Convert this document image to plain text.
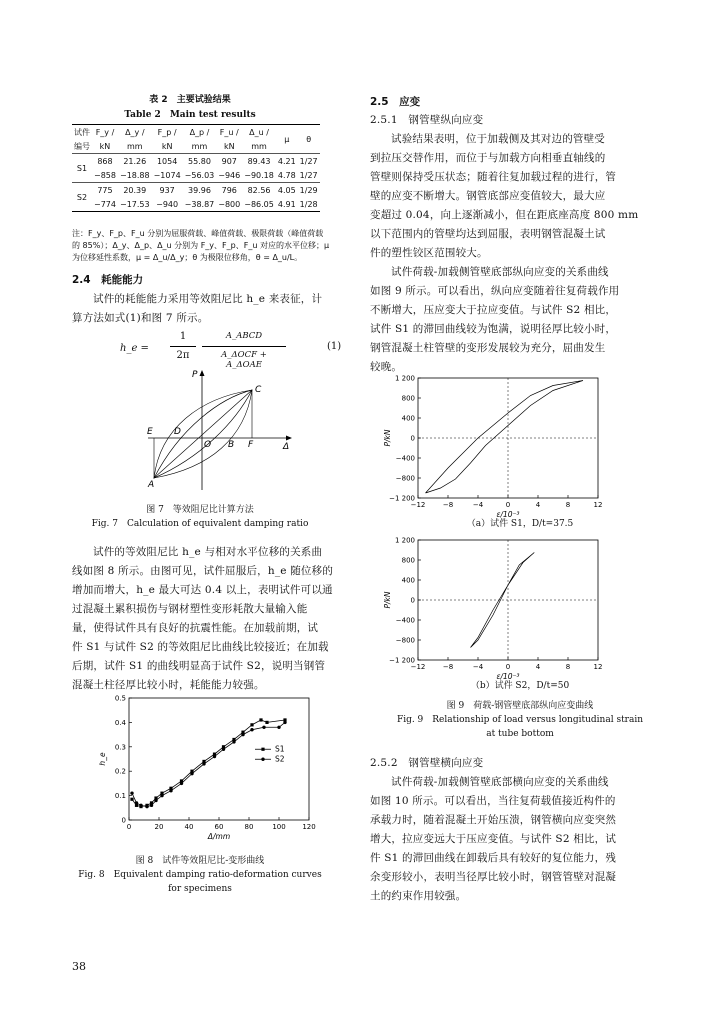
表 2　主要试验结果
Table 2　Main test results
试件	F_y /	Δ_y /	F_p /	Δ_p /	F_u /	Δ_u /	μ	θ
编号	kN	mm	kN	mm	kN	mm		
S1	868	21.26	1054	55.80	907	89.43	4.21	1/27
	−858	−18.88	−1074	−56.03	−946	−90.18	4.78	1/27
S2	775	20.39	937	39.96	796	82.56	4.05	1/29
	−774	−17.53	−940	−38.87	−800	−86.05	4.91	1/28
注：F_y、F_p、F_u 分别为屈服荷载、峰值荷载、极限荷载（峰值荷载
的 85%）；Δ_y、Δ_p、Δ_u 分别为 F_y、F_p、F_u 对应的水平位移；μ
为位移延性系数，μ = Δ_u/Δ_y；θ 为极限位移角，θ = Δ_u/L。
2.4　耗能能力
试件的耗能能力采用等效阻尼比 h_e 来表征，计
算方法如式(1)和图 7 所示。
h_e =
1
2π
A_ABCD
A_ΔOCF + A_ΔOAE
(1)
P
C
E D
O B F
A
Δ
图 7　等效阻尼比计算方法
Fig. 7　Calculation of equivalent damping ratio
试件的等效阻尼比 h_e 与相对水平位移的关系曲
线如图 8 所示。由图可见，试件屈服后，h_e 随位移的
增加而增大，h_e 最大可达 0.4 以上，表明试件可以通
过混凝土累积损伤与钢材塑性变形耗散大量输入能
量，使得试件具有良好的抗震性能。在加载前期，试
件 S1 与试件 S2 的等效阻尼比曲线比较接近；在加载
后期，试件 S1 的曲线明显高于试件 S2，说明当钢管
混凝土柱径厚比较小时，耗能能力较强。
0	20	40	60	80	100 120
0
0.1
0.2
0.3
0.4
0.5
Δ/mm
h_e
S1
S2
图 8　试件等效阻尼比-变形曲线
Fig. 8　Equivalent damping ratio-deformation curves
for specimens
2.5　应变
2.5.1　钢管壁纵向应变
试验结果表明，位于加载侧及其对边的管壁受
到拉压交替作用，而位于与加载方向相垂直轴线的
管壁则保持受压状态；随着往复加载过程的进行，管
壁的应变不断增大。钢管底部应变值较大，最大应
变超过 0.04，向上逐渐减小，但在距底座高度 800 mm
以下范围内的管壁均达到屈服，表明钢管混凝土试
件的塑性铰区范围较大。
试件荷载-加载侧管壁底部纵向应变的关系曲线
如图 9 所示。可以看出，纵向应变随着往复荷载作用
不断增大，压应变大于拉应变值。与试件 S2 相比，
试件 S1 的滞回曲线较为饱满，说明径厚比较小时，
钢管混凝土柱管壁的变形发展较为充分，屈曲发生
较晚。
−12 −8	−4	0	4	8	12
−1 200
−800
−400
0
400
800
1 200
ε/10⁻³
P/kN
（a）试件 S1，D/t=37.5
−12 −8	−4	0	4	8	12
−1 200
−800
−400
0
400
800
1 200
ε/10⁻³
P/kN
（b）试件 S2，D/t=50
图 9　荷载-钢管壁底部纵向应变曲线
Fig. 9　Relationship of load versus longitudinal strain
at tube bottom
2.5.2　钢管壁横向应变
试件荷载-加载侧管壁底部横向应变的关系曲线
如图 10 所示。可以看出，当往复荷载值接近构件的
承载力时，随着混凝土开始压溃，钢管横向应变突然
增大，拉应变远大于压应变值。与试件 S2 相比，试
件 S1 的滞回曲线在卸载后具有较好的复位能力，残
余变形较小，表明当径厚比较小时，钢管管壁对混凝
土的约束作用较强。
38
